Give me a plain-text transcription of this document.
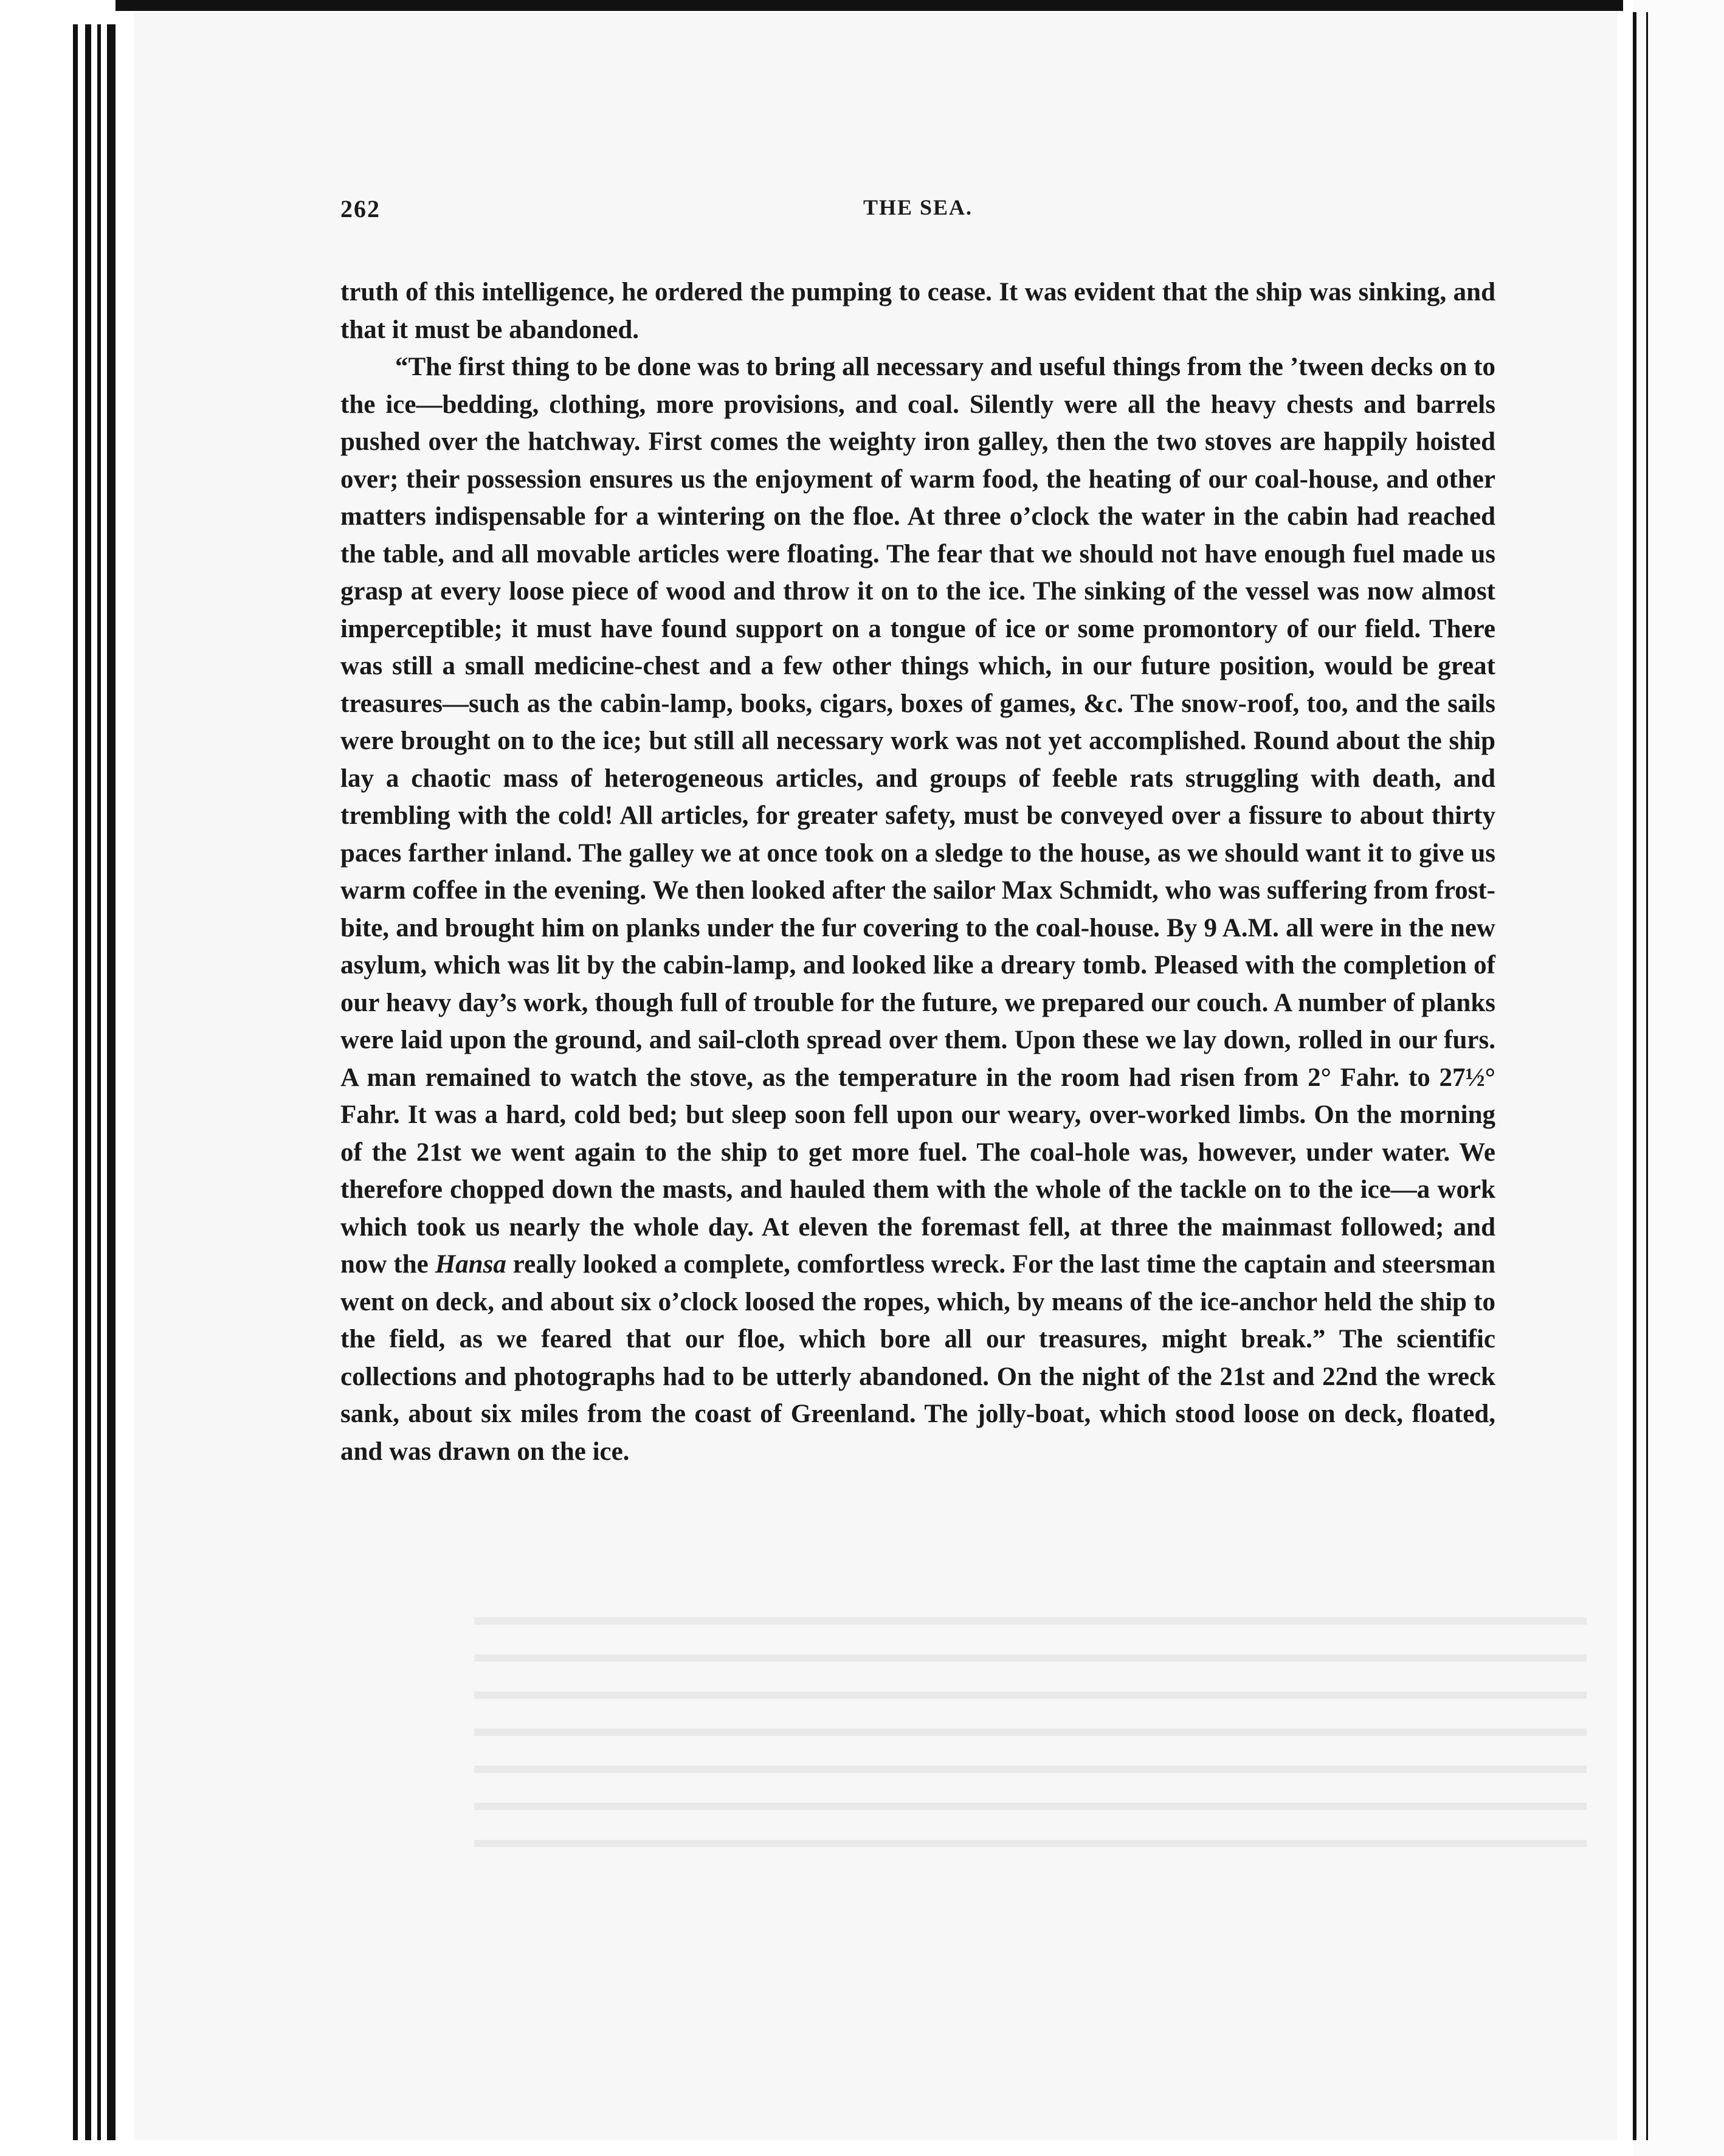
262	THE SEA.

truth of this intelligence, he ordered the pumping to cease. It was evident that the ship was sinking, and that it must be abandoned.

“The first thing to be done was to bring all necessary and useful things from the ’tween decks on to the ice—bedding, clothing, more provisions, and coal. Silently were all the heavy chests and barrels pushed over the hatchway. First comes the weighty iron galley, then the two stoves are happily hoisted over; their possession ensures us the enjoyment of warm food, the heating of our coal-house, and other matters indispensable for a wintering on the floe. At three o’clock the water in the cabin had reached the table, and all movable articles were floating. The fear that we should not have enough fuel made us grasp at every loose piece of wood and throw it on to the ice. The sinking of the vessel was now almost imperceptible; it must have found support on a tongue of ice or some promontory of our field. There was still a small medicine-chest and a few other things which, in our future position, would be great treasures—such as the cabin-lamp, books, cigars, boxes of games, &c. The snow-roof, too, and the sails were brought on to the ice; but still all necessary work was not yet accomplished. Round about the ship lay a chaotic mass of heterogeneous articles, and groups of feeble rats struggling with death, and trembling with the cold! All articles, for greater safety, must be conveyed over a fissure to about thirty paces farther inland. The galley we at once took on a sledge to the house, as we should want it to give us warm coffee in the evening. We then looked after the sailor Max Schmidt, who was suffering from frost-bite, and brought him on planks under the fur covering to the coal-house. By 9 A.M. all were in the new asylum, which was lit by the cabin-lamp, and looked like a dreary tomb. Pleased with the completion of our heavy day’s work, though full of trouble for the future, we prepared our couch. A number of planks were laid upon the ground, and sail-cloth spread over them. Upon these we lay down, rolled in our furs. A man remained to watch the stove, as the temperature in the room had risen from 2° Fahr. to 27½° Fahr. It was a hard, cold bed; but sleep soon fell upon our weary, over-worked limbs. On the morning of the 21st we went again to the ship to get more fuel. The coal-hole was, however, under water. We therefore chopped down the masts, and hauled them with the whole of the tackle on to the ice—a work which took us nearly the whole day. At eleven the foremast fell, at three the mainmast followed; and now the Hansa really looked a complete, comfortless wreck. For the last time the captain and steersman went on deck, and about six o’clock loosed the ropes, which, by means of the ice-anchor held the ship to the field, as we feared that our floe, which bore all our treasures, might break.” The scientific collections and photographs had to be utterly abandoned. On the night of the 21st and 22nd the wreck sank, about six miles from the coast of Greenland. The jolly-boat, which stood loose on deck, floated, and was drawn on the ice.
